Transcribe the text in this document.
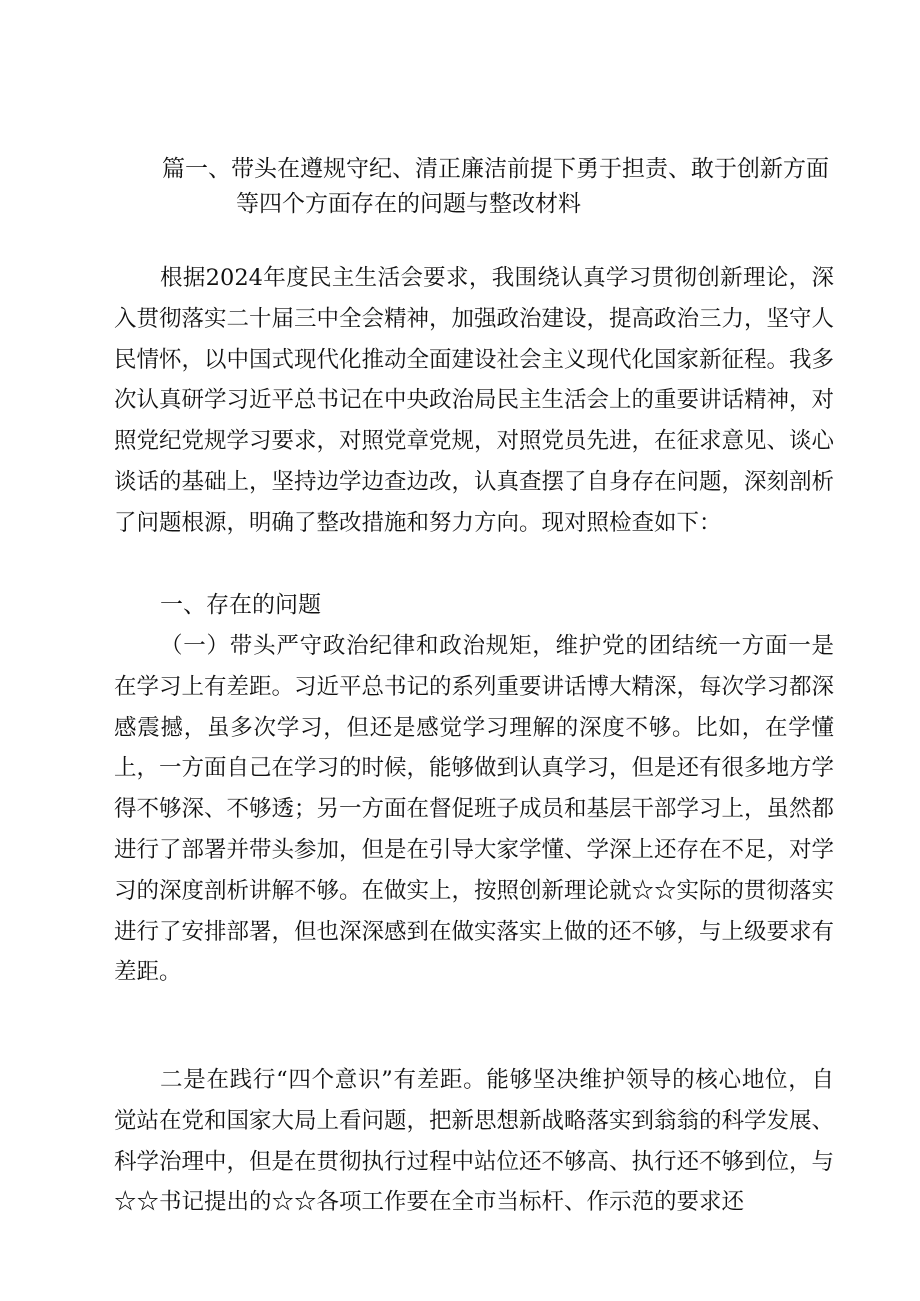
篇一、带头在遵规守纪、清正廉洁前提下勇于担责、敢于创新方面
等四个方面存在的问题与整改材料

根据2024年度民主生活会要求，我围绕认真学习贯彻创新理论，深入贯彻落实二十届三中全会精神，加强政治建设，提高政治三力，坚守人民情怀，以中国式现代化推动全面建设社会主义现代化国家新征程。我多次认真研学习近平总书记在中央政治局民主生活会上的重要讲话精神，对照党纪党规学习要求，对照党章党规，对照党员先进，在征求意见、谈心谈话的基础上，坚持边学边查边改，认真查摆了自身存在问题，深刻剖析了问题根源，明确了整改措施和努力方向。现对照检查如下：

一、存在的问题

（一）带头严守政治纪律和政治规矩，维护党的团结统一方面一是在学习上有差距。习近平总书记的系列重要讲话博大精深，每次学习都深感震撼，虽多次学习，但还是感觉学习理解的深度不够。比如，在学懂上，一方面自己在学习的时候，能够做到认真学习，但是还有很多地方学得不够深、不够透；另一方面在督促班子成员和基层干部学习上，虽然都进行了部署并带头参加，但是在引导大家学懂、学深上还存在不足，对学习的深度剖析讲解不够。在做实上，按照创新理论就☆☆实际的贯彻落实进行了安排部署，但也深深感到在做实落实上做的还不够，与上级要求有差距。

二是在践行“四个意识”有差距。能够坚决维护领导的核心地位，自觉站在党和国家大局上看问题，把新思想新战略落实到翁翁的科学发展、科学治理中，但是在贯彻执行过程中站位还不够高、执行还不够到位，与☆☆书记提出的☆☆各项工作要在全市当标杆、作示范的要求还
